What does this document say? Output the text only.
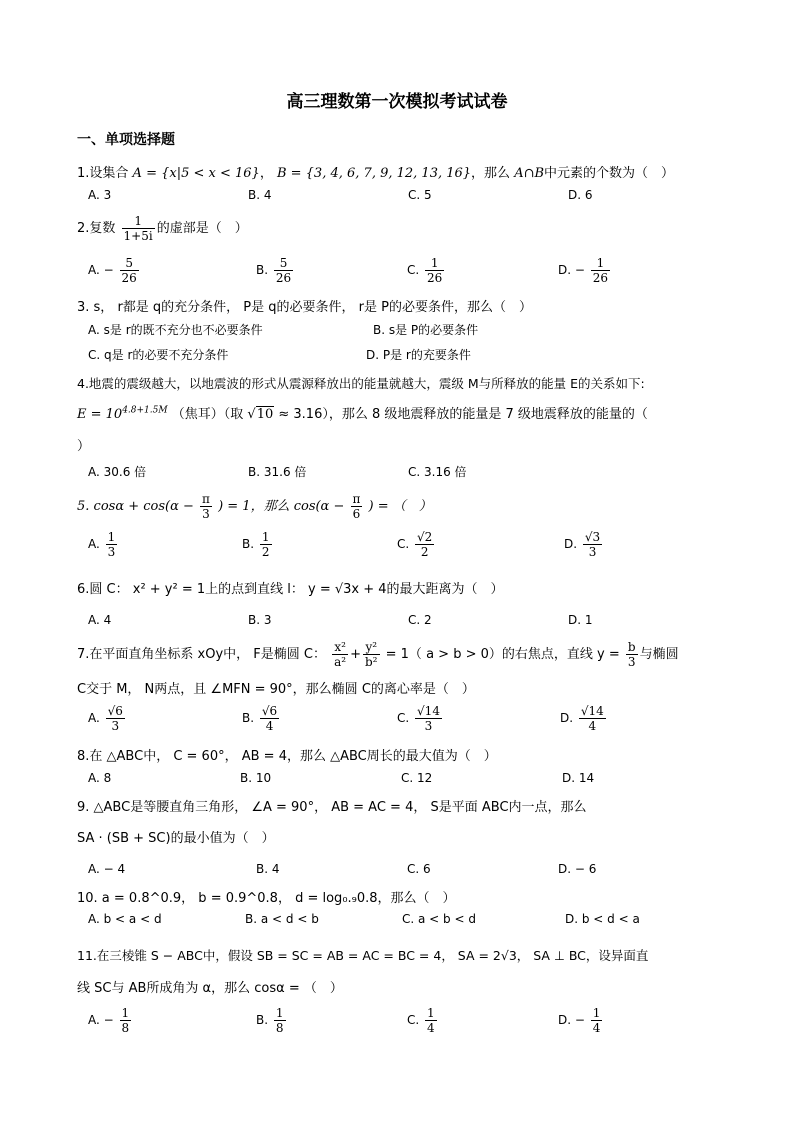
高三理数第一次模拟考试试卷
一、单项选择题
1.设集合 A = {x|5 < x < 16}， B = {3, 4, 6, 7, 9, 12, 13, 16}，那么 A∩B中元素的个数为（　）
A. 3	B. 4	C. 5	D. 6
2.复数 $\frac{1}{1+5i}$ 的虚部是（　）
A. − $\frac{5}{26}$	B. $\frac{5}{26}$	C. $\frac{1}{26}$	D. − $\frac{1}{26}$
3. s， r都是 q的充分条件， P是 q的必要条件， r是 P的必要条件，那么（　）
A. s是 r的既不充分也不必要条件	B. s是 P的必要条件
C. q是 r的必要不充分条件	D. P是 r的充要条件
4.地震的震级越大，以地震波的形式从震源释放出的能量就越大，震级 M与所释放的能量 E的关系如下:
$E = 10^{4.8+1.5M}$ （焦耳）（取 √10 ≈ 3.16），那么 8 级地震释放的能量是 7 级地震释放的能量的（
）
A. 30.6 倍	B. 31.6 倍	C. 3.16 倍
5. $\cos\alpha + \cos(\alpha - \frac{\pi}{3}$ ) = 1，那么 $\cos(\alpha - \frac{\pi}{6}$ ) = （　）
A. $\frac{1}{3}$	B. $\frac{1}{2}$	C. $\frac{√2}{2}$	D. $\frac{√3}{3}$
6.圆 C： x² + y² = 1上的点到直线 l： y = √3x + 4的最大距离为（　）
A. 4	B. 3	C. 2	D. 1
7.在平面直角坐标系 xOy中， F是椭圆 C： $\frac{\text{x²}}{\text{a²}} + \frac{\text{y²}}{\text{b²}} = 1$（ a > b > 0）的右焦点，直线 $y = \frac{b}{3}$ 与椭圆
C交于 M， N两点，且 ∠MFN = 90°，那么椭圆 C的离心率是（　）
A. $\frac{√6}{3}$	B. $\frac{√6}{4}$	C. $\frac{√14}{3}$	D. $\frac{√14}{4}$
8.在 △ABC中， C = 60°， AB = 4，那么 △ABC周长的最大值为（　）
A. 8	B. 10	C. 12	D. 14
9. △ABC是等腰直角三角形， ∠A = 90°， AB = AC = 4， S是平面 ABC内一点，那么
SA · (SB + SC)的最小值为（　）
A. − 4	B. 4	C. 6	D. − 6
10. a = 0.8^0.9， b = 0.9^0.8， d = log₀.₉0.8，那么（　）
A. b < a < d	B. a < d < b	C. a < b < d	D. b < d < a
11.在三棱锥 S − ABC中，假设 SB = SC = AB = AC = BC = 4， SA = 2√3， SA ⊥ BC，设异面直
线 SC与 AB所成角为 α，那么 cosα = （　）
A. − $\frac{1}{8}$	B. $\frac{1}{8}$	C. $\frac{1}{4}$	D. − $\frac{1}{4}$
